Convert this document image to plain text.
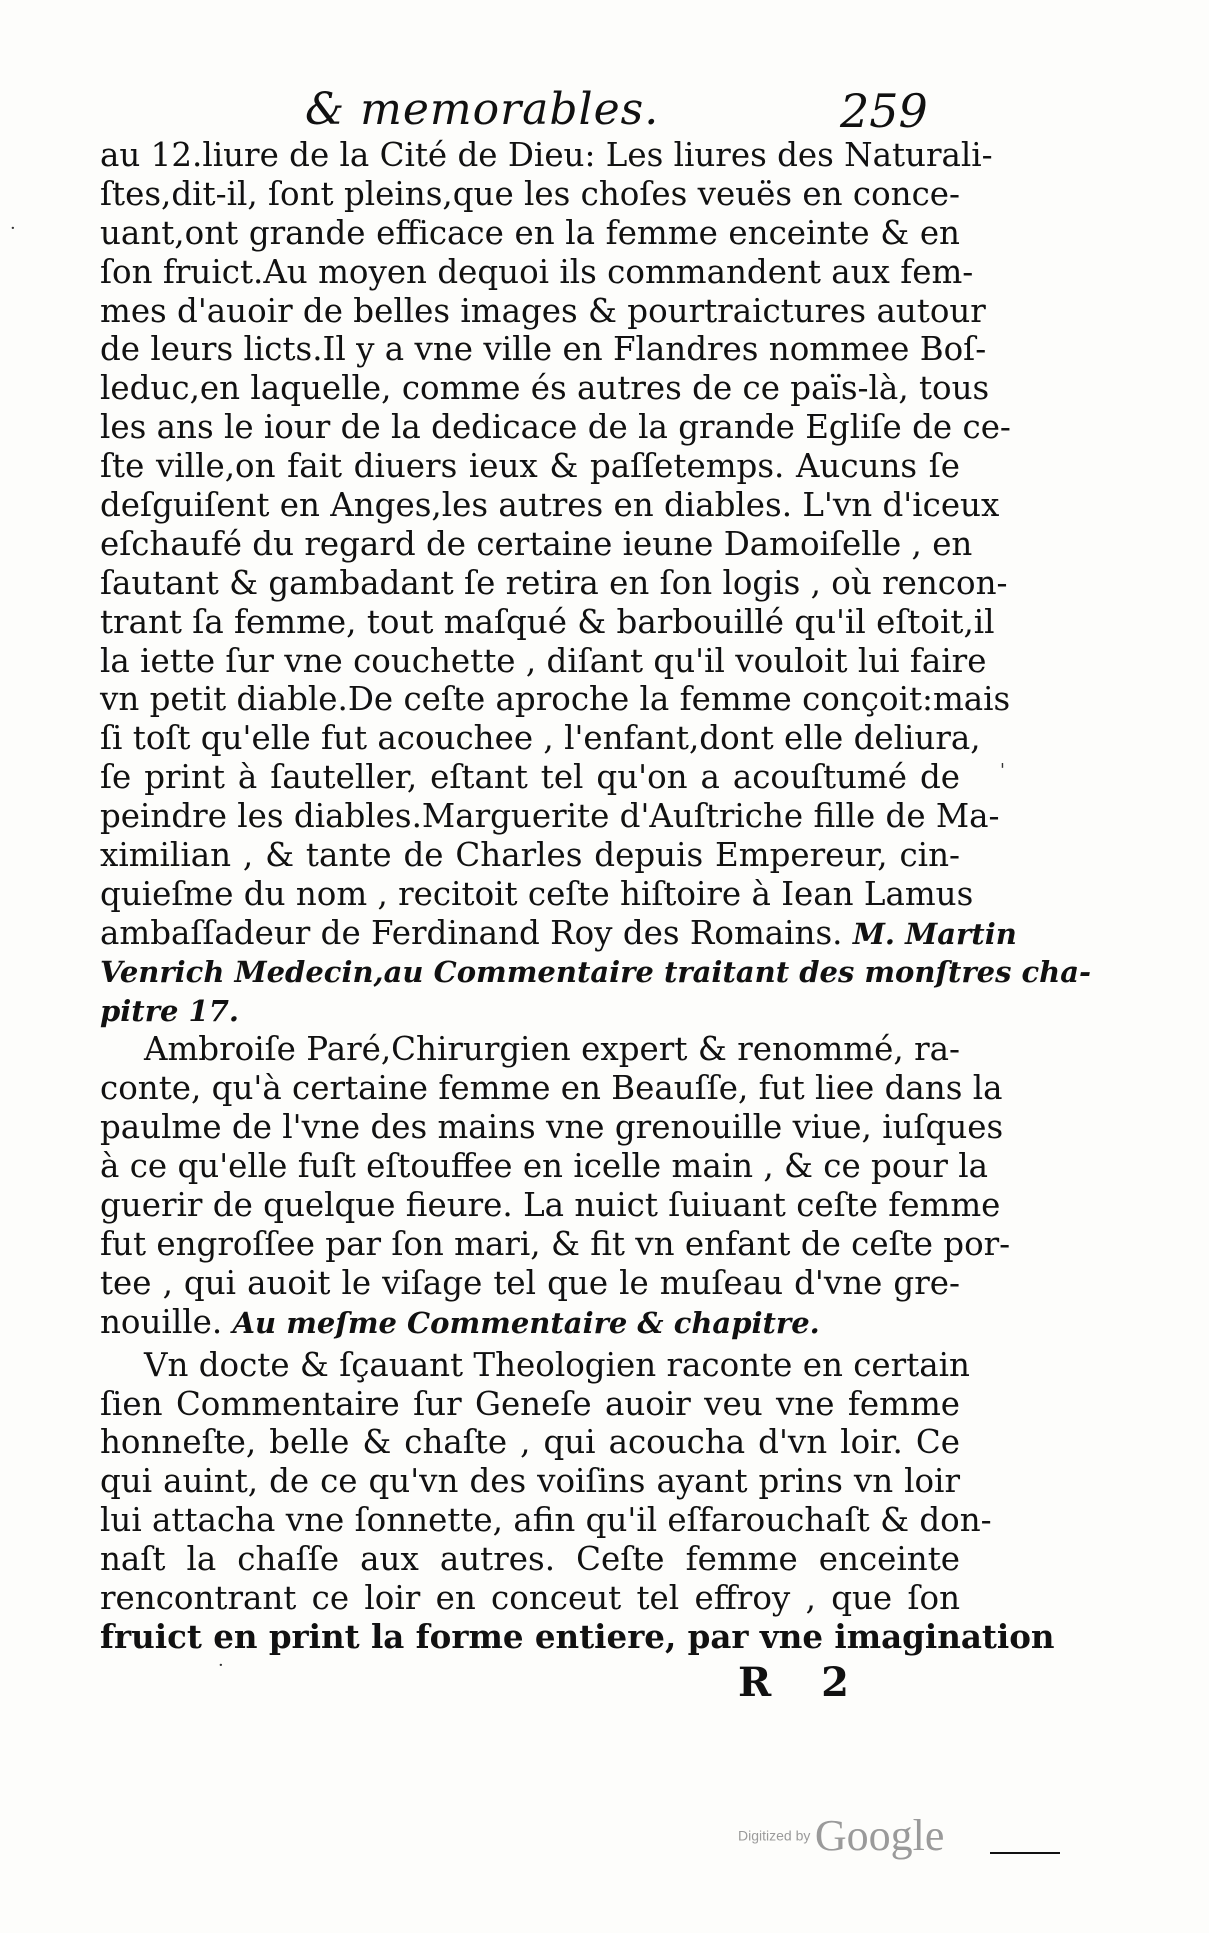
& memorables.	259
au 12.liure de la Cité de Dieu: Les liures des Naturali-
ſtes,dit-il, ſont pleins,que les choſes veuës en conce-
uant,ont grande efficace en la femme enceinte & en
ſon fruict.Au moyen dequoi ils commandent aux fem-
mes d'auoir de belles images & pourtraictures autour
de leurs licts.Il y a vne ville en Flandres nommee Boſ-
leduc,en laquelle, comme és autres de ce païs-là, tous
les ans le iour de la dedicace de la grande Egliſe de ce-
ſte ville,on fait diuers ieux & paſſetemps. Aucuns ſe
deſguiſent en Anges,les autres en diables. L'vn d'iceux
eſchaufé du regard de certaine ieune Damoiſelle , en
ſautant & gambadant ſe retira en ſon logis , où rencon-
trant ſa femme, tout maſqué & barbouillé qu'il eſtoit,il
la iette ſur vne couchette , diſant qu'il vouloit lui faire
vn petit diable.De ceſte aproche la femme conçoit:mais
ſi toſt qu'elle fut acouchee , l'enfant,dont elle deliura,
ſe print à ſauteller, eſtant tel qu'on a acouſtumé de
peindre les diables.Marguerite d'Auſtriche fille de Ma-
ximilian , & tante de Charles depuis Empereur, cin-
quieſme du nom , recitoit ceſte hiſtoire à Iean Lamus
ambaſſadeur de Ferdinand Roy des Romains. M. Martin
Venrich Medecin,au Commentaire traitant des monſtres cha-
pitre 17.
Ambroiſe Paré,Chirurgien expert & renommé, ra-
conte, qu'à certaine femme en Beauſſe, fut liee dans la
paulme de l'vne des mains vne grenouille viue, iuſques
à ce qu'elle fuſt eſtouffee en icelle main , & ce pour la
guerir de quelque fieure. La nuict ſuiuant ceſte femme
fut engroſſee par ſon mari, & fit vn enfant de ceſte por-
tee , qui auoit le viſage tel que le muſeau d'vne gre-
nouille. Au meſme Commentaire & chapitre.
Vn docte & ſçauant Theologien raconte en certain
ſien Commentaire ſur Geneſe auoir veu vne femme
honneſte, belle & chaſte , qui acoucha d'vn loir. Ce
qui auint, de ce qu'vn des voiſins ayant prins vn loir
lui attacha vne ſonnette, afin qu'il eſfarouchaſt & don-
naſt la chaſſe aux autres. Ceſte femme enceinte
rencontrant ce loir en conceut tel effroy , que ſon
fruict en print la forme entiere, par vne imagination
R 2
·
'
·
Digitized by Google
